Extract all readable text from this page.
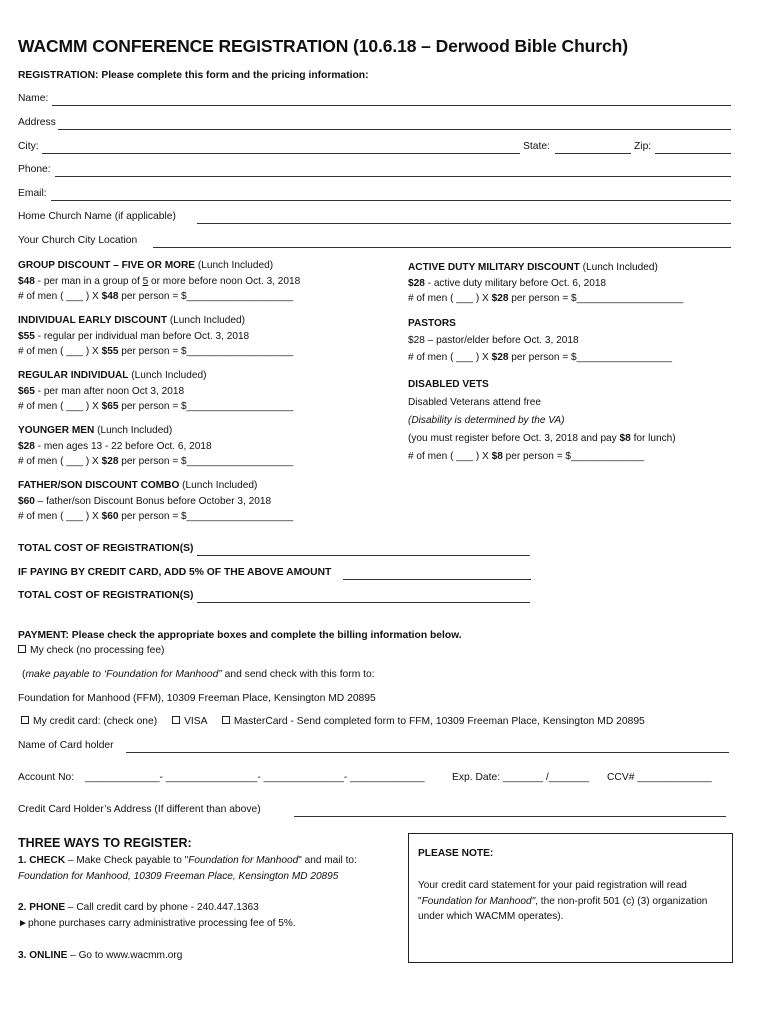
WACMM CONFERENCE REGISTRATION (10.6.18 – Derwood Bible Church)
REGISTRATION: Please complete this form and the pricing information:
Name:
Address
City:	State:	Zip:
Phone:
Email:
Home Church Name (if applicable)
Your Church City Location
GROUP DISCOUNT – FIVE OR MORE (Lunch Included)
$48 - per man in a group of 5 or more before noon Oct. 3, 2018
# of men ( ___ ) X $48 per person = $___________________
INDIVIDUAL EARLY DISCOUNT (Lunch Included)
$55 - regular per individual man before Oct. 3, 2018
# of men ( ___ ) X $55 per person = $___________________
REGULAR INDIVIDUAL (Lunch Included)
$65 - per man after noon Oct 3, 2018
# of men ( ___ ) X $65 per person = $___________________
YOUNGER MEN (Lunch Included)
$28 - men ages 13 - 22 before Oct. 6, 2018
# of men ( ___ ) X $28 per person = $___________________
FATHER/SON DISCOUNT COMBO (Lunch Included)
$60 – father/son Discount Bonus before October 3, 2018
# of men ( ___ ) X $60 per person = $___________________
ACTIVE DUTY MILITARY DISCOUNT (Lunch Included)
$28 - active duty military before Oct. 6, 2018
# of men ( ___ ) X $28 per person = $___________________
PASTORS
$28 – pastor/elder before Oct. 3, 2018
# of men ( ___ ) X $28 per person = $_________________
DISABLED VETS
Disabled Veterans attend free
(Disability is determined by the VA)
(you must register before Oct. 3, 2018 and pay $8 for lunch)
# of men ( ___ ) X $8 per person = $_____________
TOTAL COST OF REGISTRATION(S)
IF PAYING BY CREDIT CARD, ADD 5% OF THE ABOVE AMOUNT
TOTAL COST OF REGISTRATION(S)
PAYMENT: Please check the appropriate boxes and complete the billing information below.
My check (no processing fee)
(make payable to ‘Foundation for Manhood” and send check with this form to:
Foundation for Manhood (FFM), 10309 Freeman Place, Kensington MD 20895
My credit card: (check one)	VISA	MasterCard - Send completed form to FFM, 10309 Freeman Place, Kensington MD 20895
Name of Card holder
Account No: _____________- ________________- ______________- _____________	Exp. Date: _______ /_______ CCV# _____________
Credit Card Holder’s Address (If different than above)
THREE WAYS TO REGISTER:
1. CHECK – Make Check payable to "Foundation for Manhood" and mail to:
Foundation for Manhood, 10309 Freeman Place, Kensington MD 20895
2. PHONE – Call credit card by phone - 240.447.1363
►phone purchases carry administrative processing fee of 5%.
3. ONLINE – Go to www.wacmm.org
PLEASE NOTE:
Your credit card statement for your paid registration will read "Foundation for Manhood", the non-profit 501 (c) (3) organization under which WACMM operates).
